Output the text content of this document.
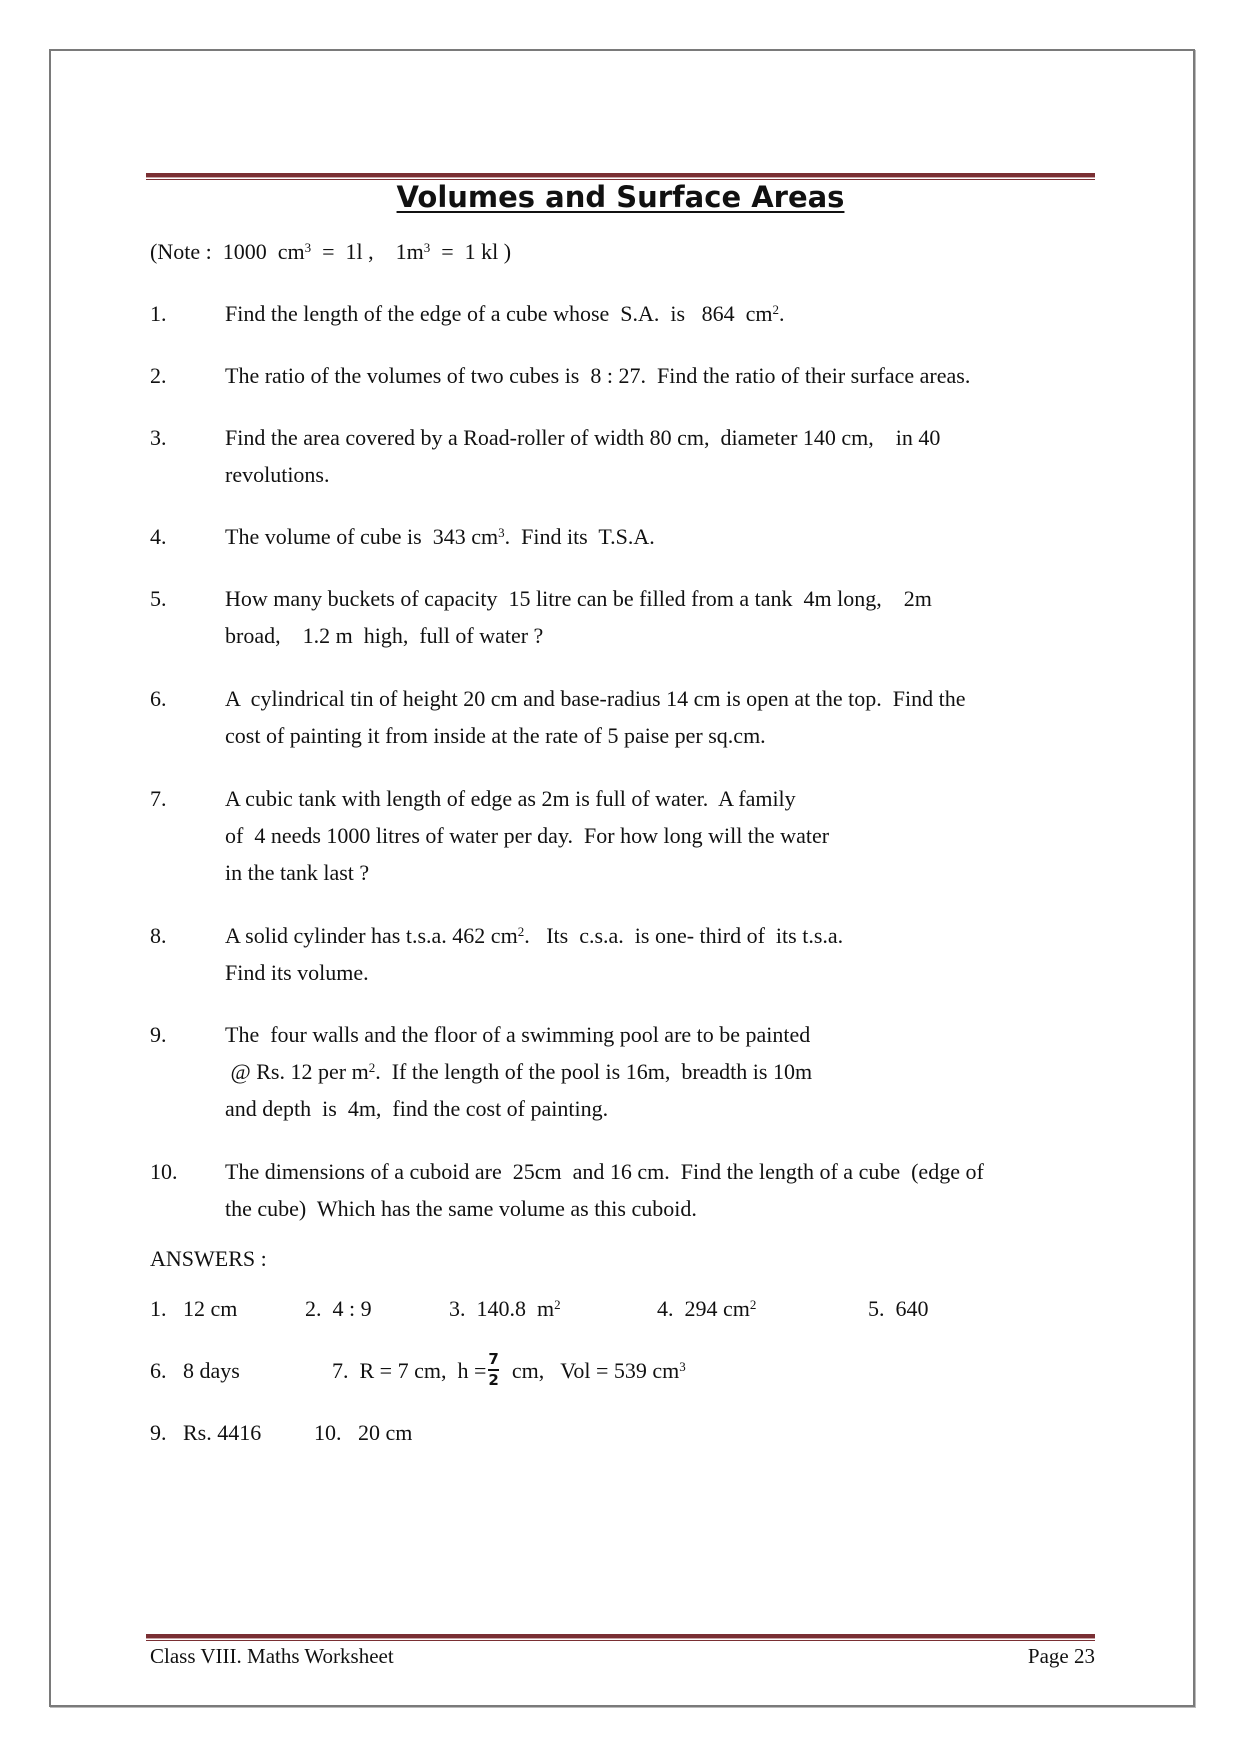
Volumes and Surface Areas
(Note :  1000  $cm^3 = 1l$ ,    $1m^3 = 1$ kl )
1.	Find the length of the edge of a cube whose  S.A.  is   864  $cm^2$.
2.	The ratio of the volumes of two cubes is  8 : 27.  Find the ratio of their surface areas.
3.	Find the area covered by a Road-roller of width 80 cm,  diameter 140 cm,    in 40
revolutions.
4.	The volume of cube is  343 $cm^3$.  Find its  T.S.A.
5.	How many buckets of capacity  15 litre can be filled from a tank  4m long,    2m
broad,    1.2 m  high,  full of water ?
6.	A  cylindrical tin of height 20 cm and base-radius 14 cm is open at the top.  Find the
cost of painting it from inside at the rate of 5 paise per sq.cm.
7.	A cubic tank with length of edge as 2m is full of water.  A family
of  4 needs 1000 litres of water per day.  For how long will the water
in the tank last ?
8.	A solid cylinder has t.s.a. 462 $cm^2$.   Its  c.s.a.  is one- third of  its t.s.a.
Find its volume.
9.	The  four walls and the floor of a swimming pool are to be painted
@ Rs. 12 per $m^2$.  If the length of the pool is 16m,  breadth is 10m
and depth  is  4m,  find the cost of painting.
10. The dimensions of a cuboid are  25cm  and 16 cm.  Find the length of a cube  (edge of
the cube)  Which has the same volume as this cuboid.
ANSWERS :
1.   12 cm	2.  4 : 9	3.  140.8  $m^2$	4.  294 $cm^2$	5.  640
6.   8 days	7.  R = 7 cm,  $h = \frac{7}{2}$ cm,   Vol = 539 $cm^3$
9.   Rs. 4416 10.   20 cm
Class VIII. Maths Worksheet	Page 23
